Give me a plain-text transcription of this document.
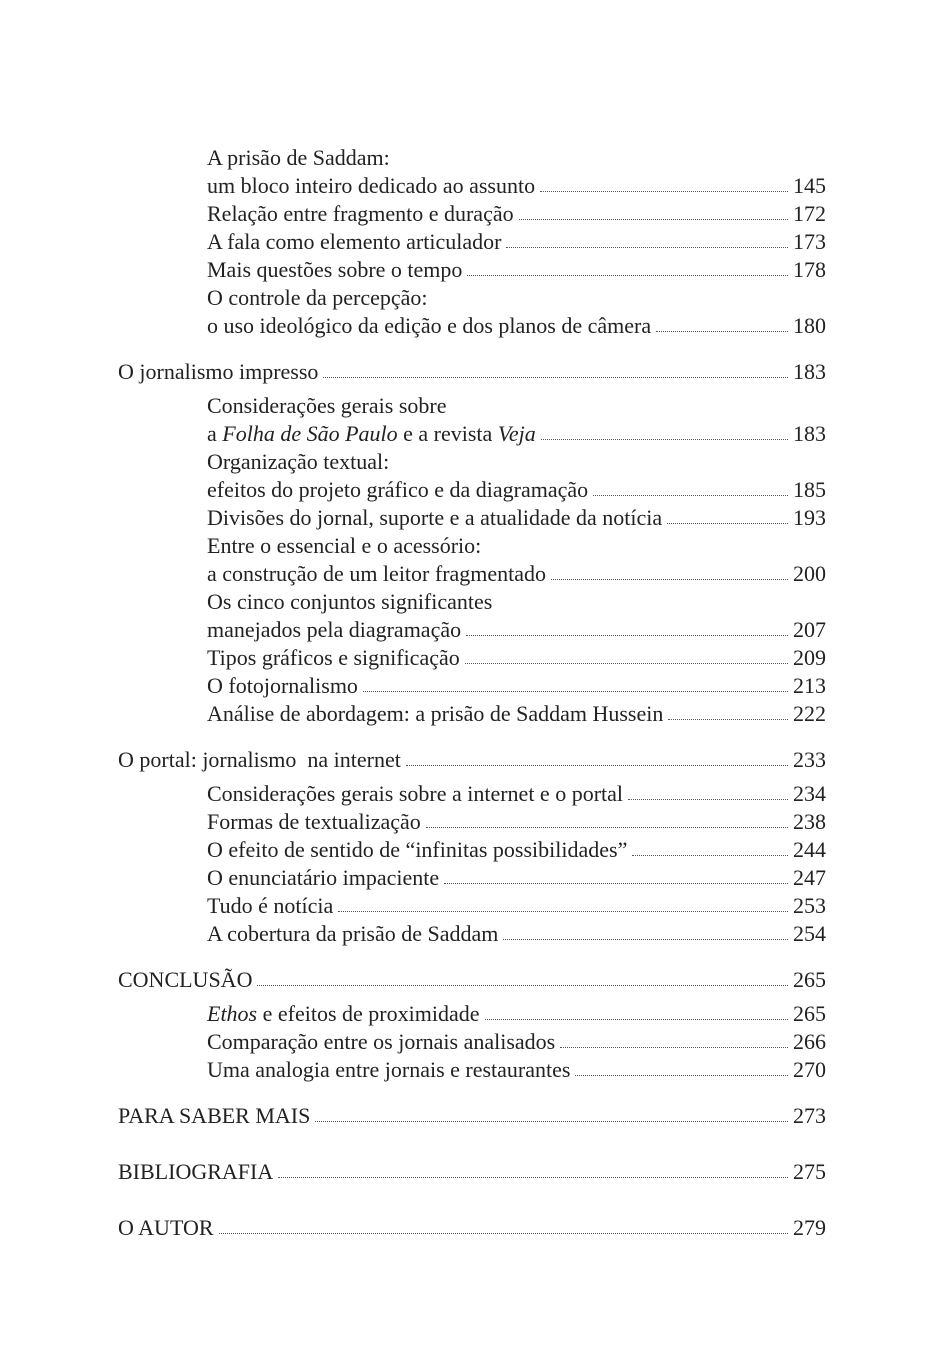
A prisão de Saddam:
um bloco inteiro dedicado ao assunto	145
Relação entre fragmento e duração	172
A fala como elemento articulador	173
Mais questões sobre o tempo	178
O controle da percepção:
o uso ideológico da edição e dos planos de câmera	180
O jornalismo impresso	183
Considerações gerais sobre
a Folha de São Paulo e a revista Veja	183
Organização textual:
efeitos do projeto gráfico e da diagramação	185
Divisões do jornal, suporte e a atualidade da notícia	193
Entre o essencial e o acessório:
a construção de um leitor fragmentado	200
Os cinco conjuntos significantes
manejados pela diagramação	207
Tipos gráficos e significação	209
O fotojornalismo	213
Análise de abordagem: a prisão de Saddam Hussein	222
O portal: jornalismo  na internet	233
Considerações gerais sobre a internet e o portal	234
Formas de textualização	238
O efeito de sentido de “infinitas possibilidades”	244
O enunciatário impaciente	247
Tudo é notícia	253
A cobertura da prisão de Saddam	254
CONCLUSÃO	265
Ethos e efeitos de proximidade	265
Comparação entre os jornais analisados	266
Uma analogia entre jornais e restaurantes	270
PARA SABER MAIS	273
BIBLIOGRAFIA	275
O AUTOR	279
